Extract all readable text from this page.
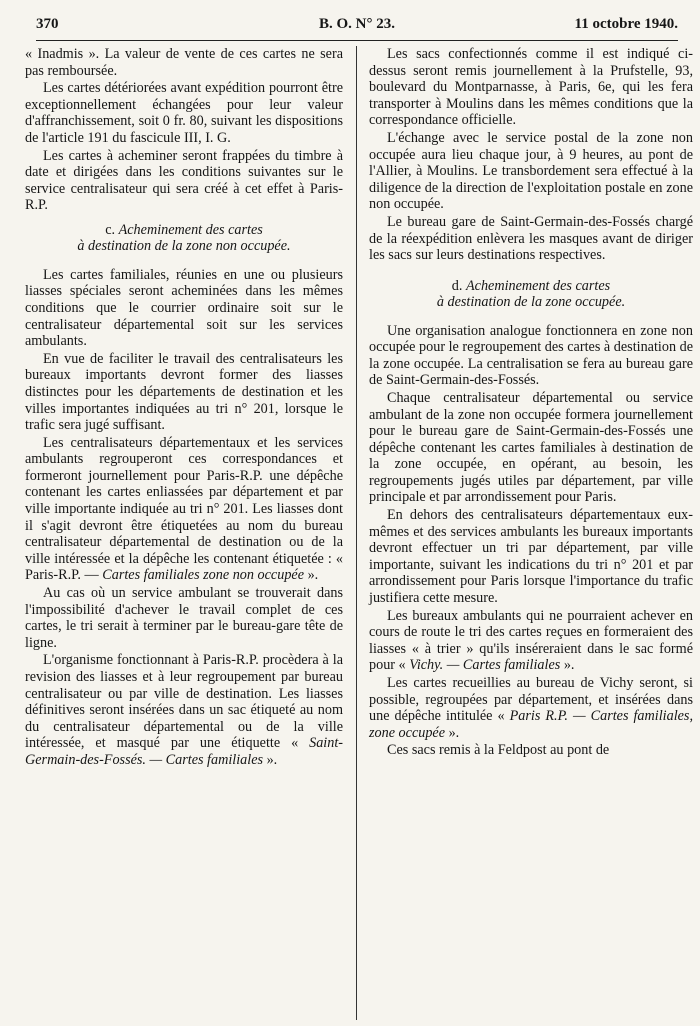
370	B. O. N° 23.	11 octobre 1940.

« Inadmis ». La valeur de vente de ces cartes ne sera pas remboursée.

Les cartes détériorées avant expédition pourront être exceptionnellement échangées pour leur valeur d'affranchissement, soit 0 fr. 80, suivant les dispositions de l'article 191 du fascicule III, I. G.

Les cartes à acheminer seront frappées du timbre à date et dirigées dans les conditions suivantes sur le service centralisateur qui sera créé à cet effet à Paris-R.P.

c. Acheminement des cartes
à destination de la zone non occupée.

Les cartes familiales, réunies en une ou plusieurs liasses spéciales seront acheminées dans les mêmes conditions que le courrier ordinaire soit sur le centralisateur départemental soit sur les services ambulants.

En vue de faciliter le travail des centralisateurs les bureaux importants devront former des liasses distinctes pour les départements de destination et les villes importantes indiquées au tri n° 201, lorsque le trafic sera jugé suffisant.

Les centralisateurs départementaux et les services ambulants regrouperont ces correspondances et formeront journellement pour Paris-R.P. une dépêche contenant les cartes enliassées par département et par ville importante indiquée au tri n° 201. Les liasses dont il s'agit devront être étiquetées au nom du bureau centralisateur départemental de destination ou de la ville intéressée et la dépêche les contenant étiquetée : « Paris-R.P. — Cartes familiales zone non occupée ».

Au cas où un service ambulant se trouverait dans l'impossibilité d'achever le travail complet de ces cartes, le tri serait à terminer par le bureau-gare tête de ligne.

L'organisme fonctionnant à Paris-R.P. procèdera à la revision des liasses et à leur regroupement par bureau centralisateur ou par ville de destination. Les liasses définitives seront insérées dans un sac étiqueté au nom du centralisateur départemental ou de la ville intéressée, et masqué par une étiquette « Saint-Germain-des-Fossés. — Cartes familiales ».

Les sacs confectionnés comme il est indiqué ci-dessus seront remis journellement à la Prufstelle, 93, boulevard du Montparnasse, à Paris, 6e, qui les fera transporter à Moulins dans les mêmes conditions que la correspondance officielle.

L'échange avec le service postal de la zone non occupée aura lieu chaque jour, à 9 heures, au pont de l'Allier, à Moulins. Le transbordement sera effectué à la diligence de la direction de l'exploitation postale en zone non occupée.

Le bureau gare de Saint-Germain-des-Fossés chargé de la réexpédition enlèvera les masques avant de diriger les sacs sur leurs destinations respectives.

d. Acheminement des cartes
à destination de la zone occupée.

Une organisation analogue fonctionnera en zone non occupée pour le regroupement des cartes à destination de la zone occupée. La centralisation se fera au bureau gare de Saint-Germain-des-Fossés.

Chaque centralisateur départemental ou service ambulant de la zone non occupée formera journellement pour le bureau gare de Saint-Germain-des-Fossés une dépêche contenant les cartes familiales à destination de la zone occupée, en opérant, au besoin, les regroupements jugés utiles par département, par ville principale et par arrondissement pour Paris.

En dehors des centralisateurs départementaux eux-mêmes et des services ambulants les bureaux importants devront effectuer un tri par département, par ville importante, suivant les indications du tri n° 201 et par arrondissement pour Paris lorsque l'importance du trafic justifiera cette mesure.

Les bureaux ambulants qui ne pourraient achever en cours de route le tri des cartes reçues en formeraient des liasses « à trier » qu'ils inséreraient dans le sac formé pour « Vichy. — Cartes familiales ».

Les cartes recueillies au bureau de Vichy seront, si possible, regroupées par département, et insérées dans une dépêche intitulée « Paris R.P. — Cartes familiales, zone occupée ».

Ces sacs remis à la Feldpost au pont de
